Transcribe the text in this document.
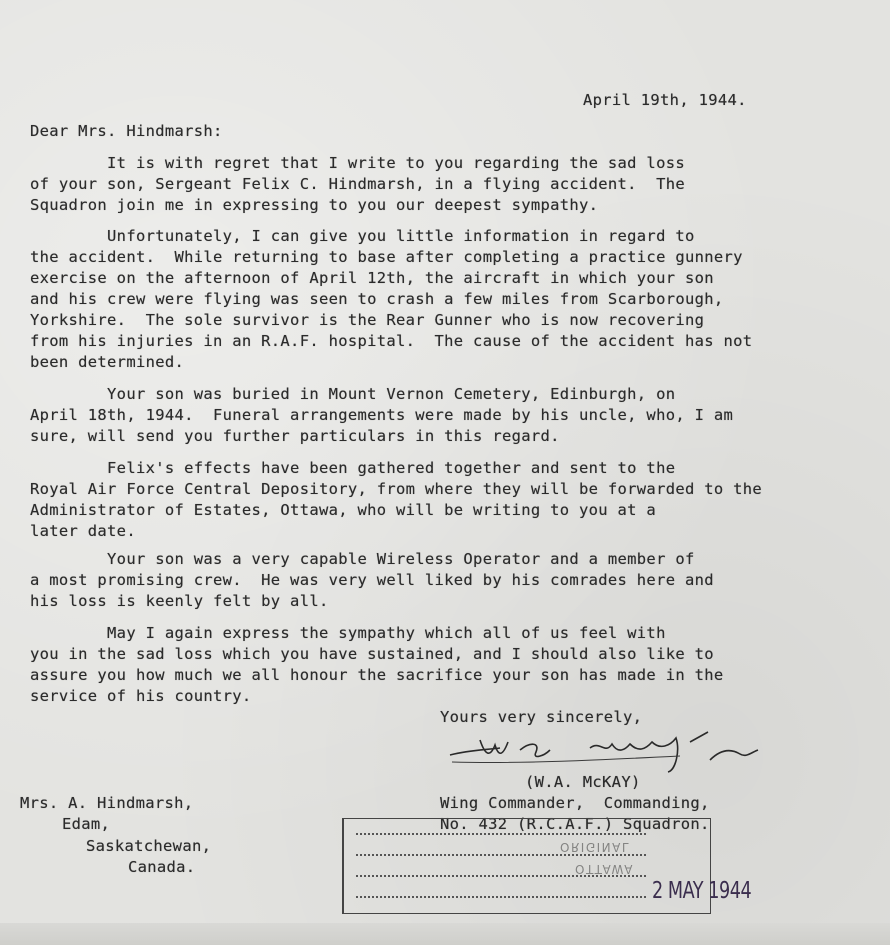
April 19th, 1944.
Dear Mrs. Hindmarsh:
It is with regret that I write to you regarding the sad loss
of your son, Sergeant Felix C. Hindmarsh, in a flying accident.  The
Squadron join me in expressing to you our deepest sympathy.
Unfortunately, I can give you little information in regard to
the accident.  While returning to base after completing a practice gunnery
exercise on the afternoon of April 12th, the aircraft in which your son
and his crew were flying was seen to crash a few miles from Scarborough,
Yorkshire.  The sole survivor is the Rear Gunner who is now recovering
from his injuries in an R.A.F. hospital.  The cause of the accident has not
been determined.
Your son was buried in Mount Vernon Cemetery, Edinburgh, on
April 18th, 1944.  Funeral arrangements were made by his uncle, who, I am
sure, will send you further particulars in this regard.
Felix's effects have been gathered together and sent to the
Royal Air Force Central Depository, from where they will be forwarded to the
Administrator of Estates, Ottawa, who will be writing to you at a
later date.
Your son was a very capable Wireless Operator and a member of
a most promising crew.  He was very well liked by his comrades here and
his loss is keenly felt by all.
May I again express the sympathy which all of us feel with
you in the sad loss which you have sustained, and I should also like to
assure you how much we all honour the sacrifice your son has made in the
service of his country.
Yours very sincerely,
(W.A. McKAY)
Wing Commander,  Commanding,
No. 432 (R.C.A.F.) Squadron.
Mrs. A. Hindmarsh,
Edam,
Saskatchewan,
Canada.
ORIGINAL
OTTAWA
2 MAY 1944
